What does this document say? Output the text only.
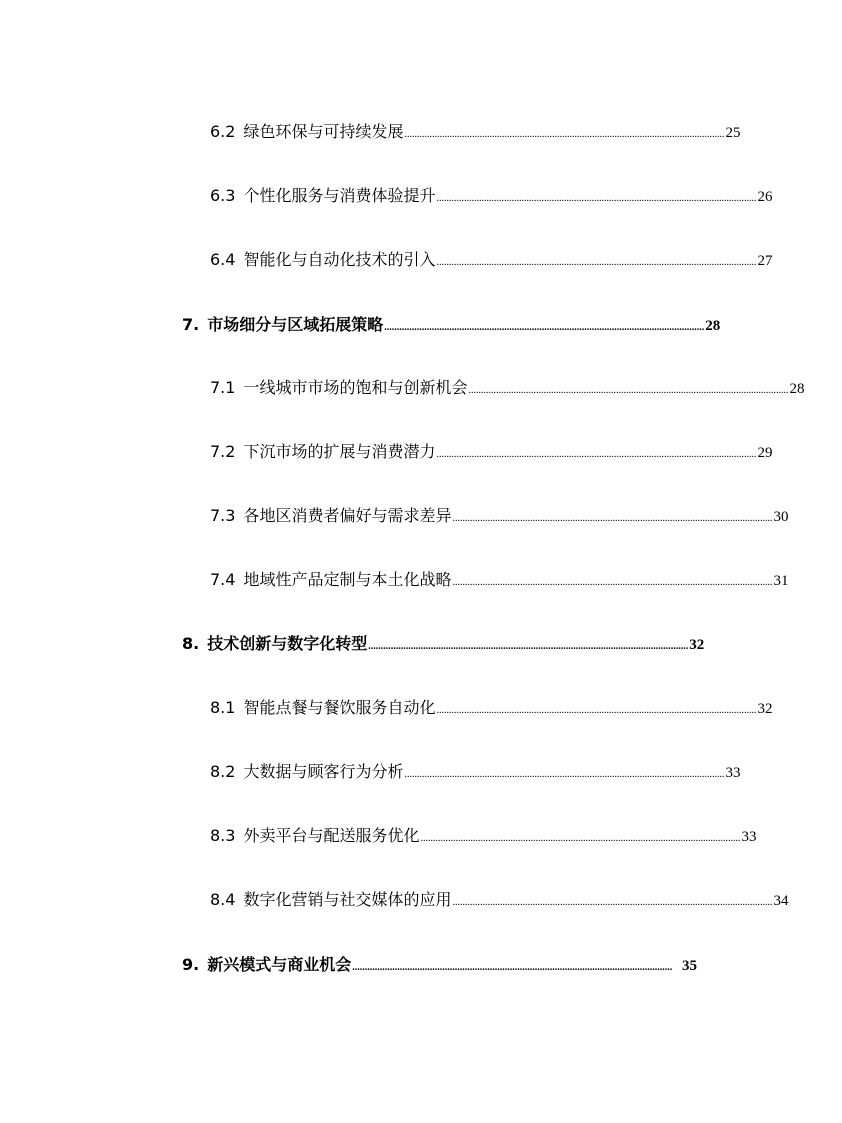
6.2 绿色环保与可持续发展 ................................................................................................................................ 25
6.3 个性化服务与消费体验提升 ................................................................................................................................ 26
6.4 智能化与自动化技术的引入 ................................................................................................................................ 27
7. 市场细分与区域拓展策略 ................................................................................................................................ 28
7.1 一线城市市场的饱和与创新机会 ................................................................................................................................ 28
7.2 下沉市场的扩展与消费潜力 ................................................................................................................................ 29
7.3 各地区消费者偏好与需求差异 ................................................................................................................................ 30
7.4 地域性产品定制与本土化战略 ................................................................................................................................ 31
8. 技术创新与数字化转型 ................................................................................................................................ 32
8.1 智能点餐与餐饮服务自动化 ................................................................................................................................ 32
8.2 大数据与顾客行为分析 ................................................................................................................................ 33
8.3 外卖平台与配送服务优化 ................................................................................................................................ 33
8.4 数字化营销与社交媒体的应用 ................................................................................................................................ 34
9. 新兴模式与商业机会 ................................................................................................................................ 35
